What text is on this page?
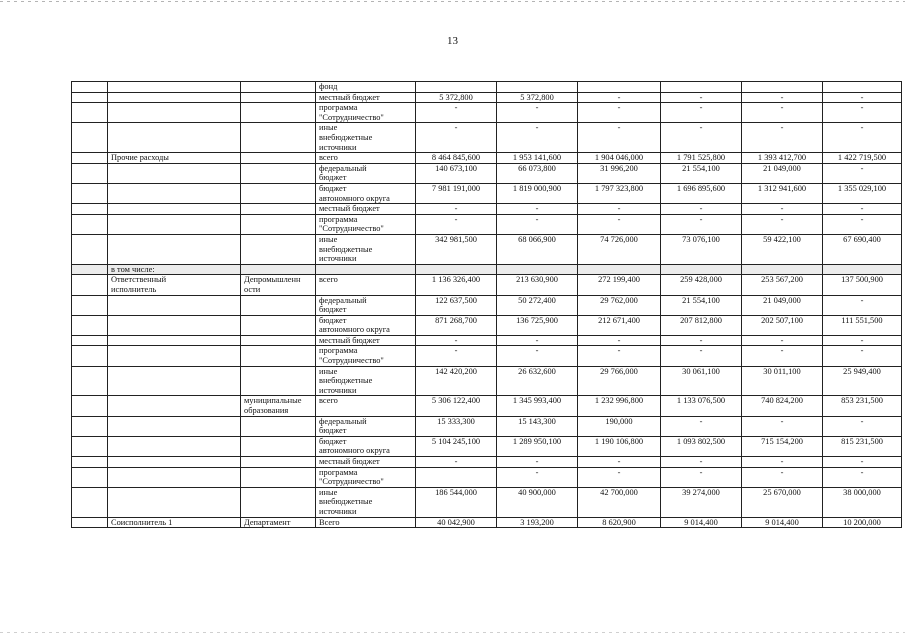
13
			фонд						
			местный бюджет	5 372,800	5 372,800	-	-	-	-
			программа
"Сотрудничество"	-	-	-	-	-	-
			иные
внебюджетные
источники	-	-	-	-	-	-
	Прочие расходы		всего	8 464 845,600	1 953 141,600	1 904 046,000	1 791 525,800	1 393 412,700	1 422 719,500
			федеральный
бюджет	140 673,100	66 073,800	31 996,200	21 554,100	21 049,000	-
			бюджет
автономного округа	7 981 191,000	1 819 000,900	1 797 323,800	1 696 895,600	1 312 941,600	1 355 029,100
			местный бюджет	-	-	-	-	-	-
			программа
"Сотрудничество"	-	-	-	-	-	-
			иные
внебюджетные
источники	342 981,500	68 066,900	74 726,000	73 076,100	59 422,100	67 690,400
	в том числе:								
	Ответственный
исполнитель	Депромышленн
ости	всего	1 136 326,400	213 630,900	272 199,400	259 428,000	253 567,200	137 500,900
			федеральный
бюджет	122 637,500	50 272,400	29 762,000	21 554,100	21 049,000	-
			бюджет
автономного округа	871 268,700	136 725,900	212 671,400	207 812,800	202 507,100	111 551,500
			местный бюджет	-	-	-	-	-	-
			программа
"Сотрудничество"	-	-	-	-	-	-
			иные
внебюджетные
источники	142 420,200	26 632,600	29 766,000	30 061,100	30 011,100	25 949,400
		муниципальные
образования	всего	5 306 122,400	1 345 993,400	1 232 996,800	1 133 076,500	740 824,200	853 231,500
			федеральный
бюджет	15 333,300	15 143,300	190,000	-	-	-
			бюджет
автономного округа	5 104 245,100	1 289 950,100	1 190 106,800	1 093 802,500	715 154,200	815 231,500
			местный бюджет	-	-	-	-	-	-
			программа
"Сотрудничество"		-	-	-	-	-
			иные
внебюджетные
источники	186 544,000	40 900,000	42 700,000	39 274,000	25 670,000	38 000,000
	Соисполнитель 1	Департамент	Всего	40 042,900	3 193,200	8 620,900	9 014,400	9 014,400	10 200,000
